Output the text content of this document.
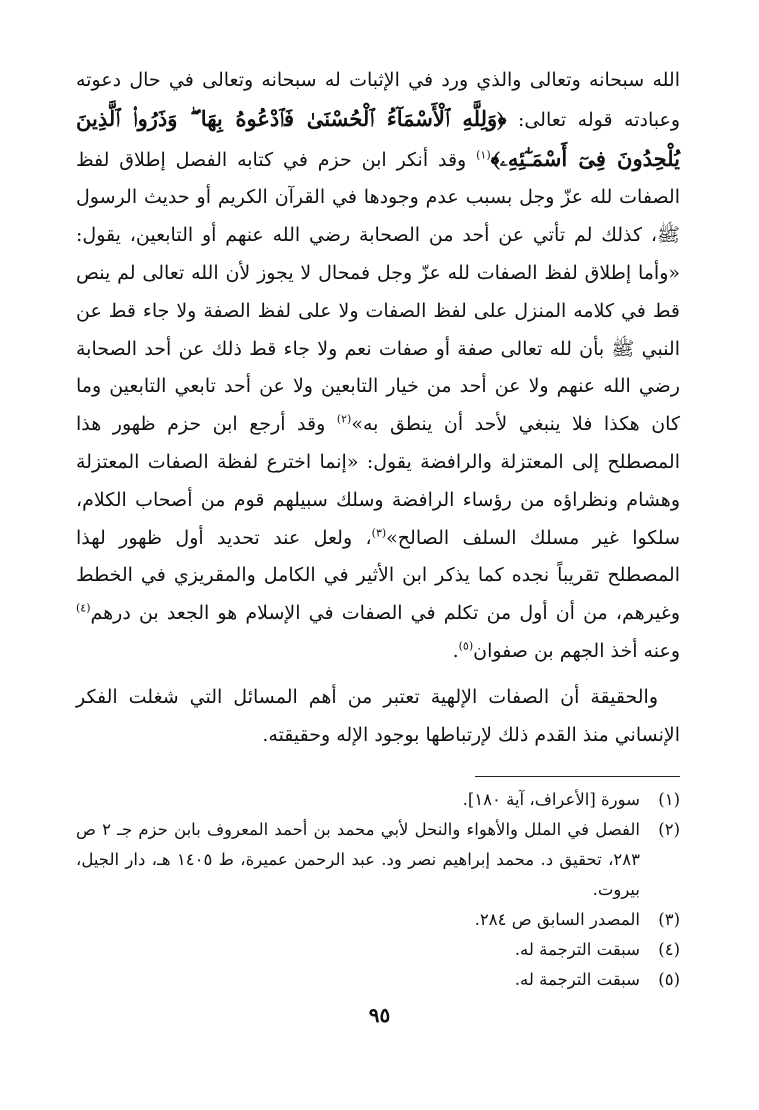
الله سبحانه وتعالى والذي ورد في الإثبات له سبحانه وتعالى في حال دعوته وعبادته قوله تعالى: ﴿وَلِلَّهِ ٱلْأَسْمَآءُ ٱلْحُسْنَىٰ فَٱدْعُوهُ بِهَا ۖ وَذَرُوا۟ ٱلَّذِينَ يُلْحِدُونَ فِىٓ أَسْمَـٰٓئِهِۦ﴾$^{(١)}$ وقد أنكر ابن حزم في كتابه الفصل إطلاق لفظ الصفات لله عزّ وجل بسبب عدم وجودها في القرآن الكريم أو حديث الرسول ﷺ، كذلك لم تأتي عن أحد من الصحابة رضي الله عنهم أو التابعين، يقول: «وأما إطلاق لفظ الصفات لله عزّ وجل فمحال لا يجوز لأن الله تعالى لم ينص قط في كلامه المنزل على لفظ الصفات ولا على لفظ الصفة ولا جاء قط عن النبي ﷺ بأن لله تعالى صفة أو صفات نعم ولا جاء قط ذلك عن أحد الصحابة رضي الله عنهم ولا عن أحد من خيار التابعين ولا عن أحد تابعي التابعين وما كان هكذا فلا ينبغي لأحد أن ينطق به»$^{(٢)}$ وقد أرجع ابن حزم ظهور هذا المصطلح إلى المعتزلة والرافضة يقول: «إنما اخترع لفظة الصفات المعتزلة وهشام ونظراؤه من رؤساء الرافضة وسلك سبيلهم قوم من أصحاب الكلام، سلكوا غير مسلك السلف الصالح»$^{(٣)}$، ولعل عند تحديد أول ظهور لهذا المصطلح تقريباً نجده كما يذكر ابن الأثير في الكامل والمقريزي في الخطط وغيرهم، من أن أول من تكلم في الصفات في الإسلام هو الجعد بن درهم$^{(٤)}$ وعنه أخذ الجهم بن صفوان$^{(٥)}$.

والحقيقة أن الصفات الإلهية تعتبر من أهم المسائل التي شغلت الفكر الإنساني منذ القدم ذلك لإرتباطها بوجود الإله وحقيقته.

(١)
سورة [الأعراف، آية ١٨٠].
(٢)
الفصل في الملل والأهواء والنحل لأبي محمد بن أحمد المعروف بابن حزم جـ ٢ ص ٢٨٣، تحقيق د. محمد إبراهيم نصر ود. عبد الرحمن عميرة، ط ١٤٠٥ هـ، دار الجيل، بيروت.
(٣)
المصدر السابق ص ٢٨٤.
(٤)
سبقت الترجمة له.
(٥)
سبقت الترجمة له.
٩٥
